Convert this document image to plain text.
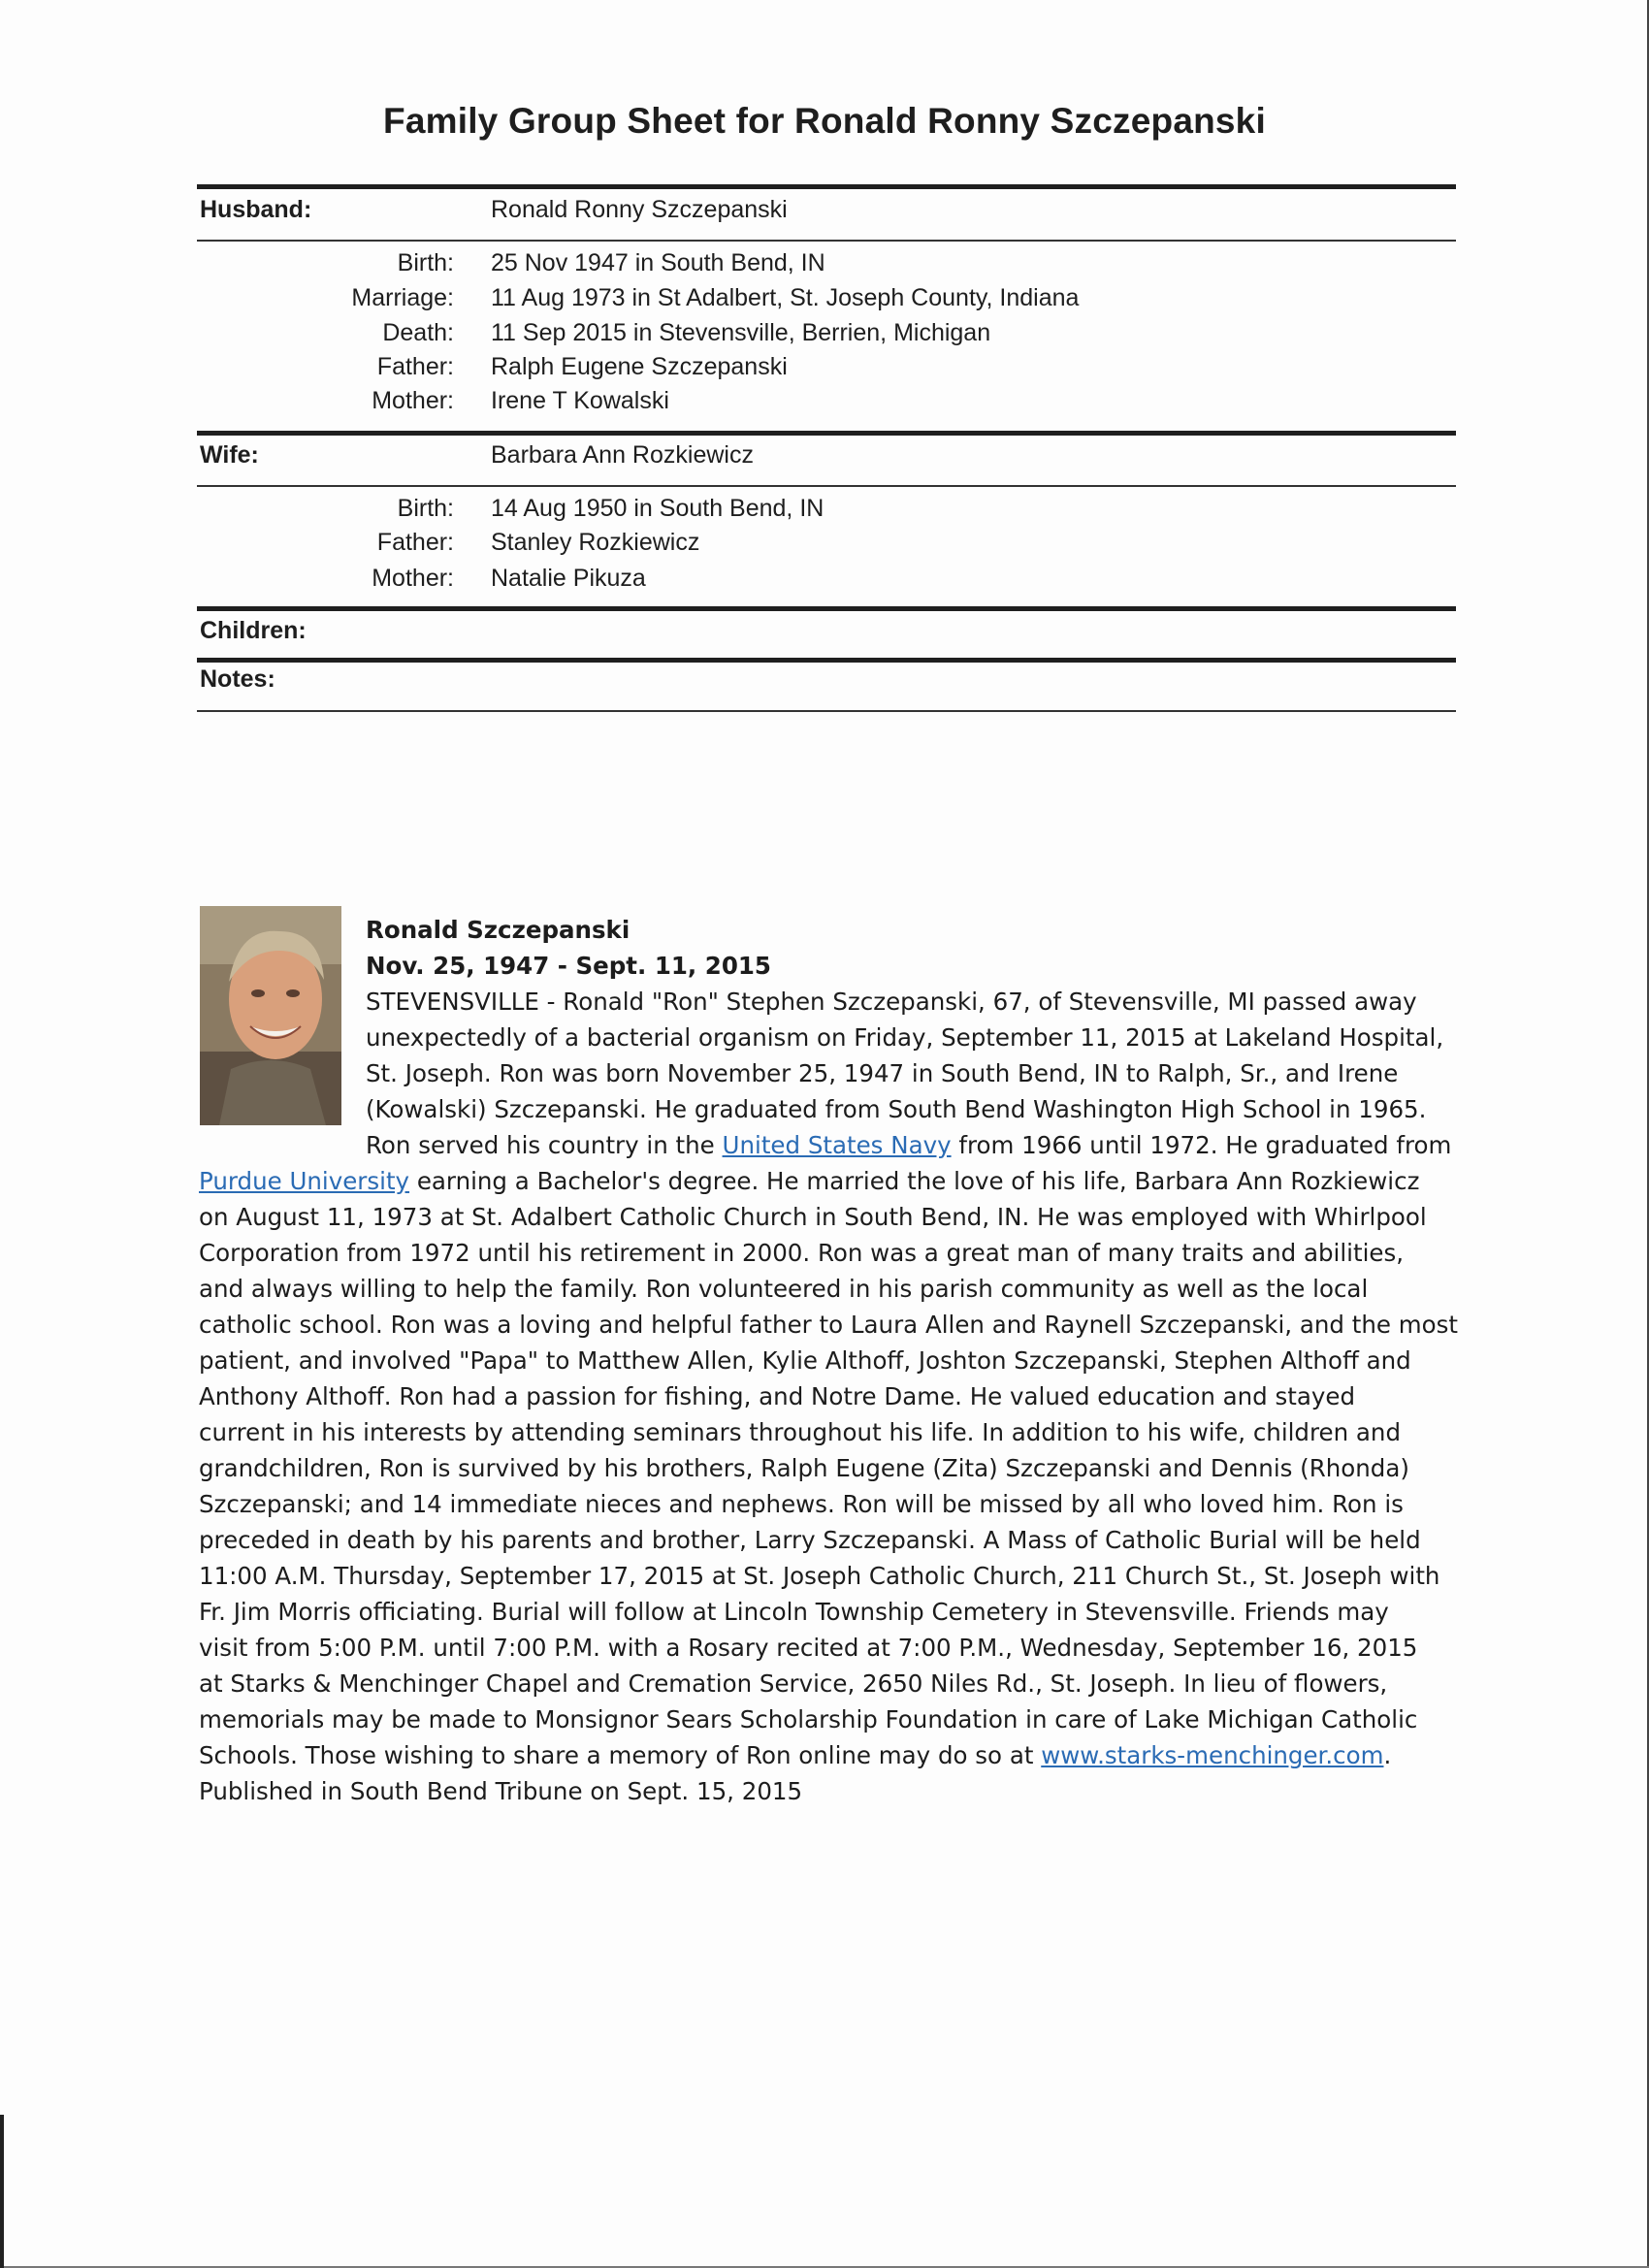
Family Group Sheet for Ronald Ronny Szczepanski
Husband:	Ronald Ronny Szczepanski
Birth: 25 Nov 1947 in South Bend, IN
Marriage: 11 Aug 1973 in St Adalbert, St. Joseph County, Indiana
Death: 11 Sep 2015 in Stevensville, Berrien, Michigan
Father: Ralph Eugene Szczepanski
Mother: Irene T Kowalski
Wife:	Barbara Ann Rozkiewicz
Birth: 14 Aug 1950 in South Bend, IN
Father: Stanley Rozkiewicz
Mother: Natalie Pikuza
Children:
Notes:
Ronald Szczepanski
Nov. 25, 1947 - Sept. 11, 2015
STEVENSVILLE - Ronald "Ron" Stephen Szczepanski, 67, of Stevensville, MI passed away
unexpectedly of a bacterial organism on Friday, September 11, 2015 at Lakeland Hospital,
St. Joseph. Ron was born November 25, 1947 in South Bend, IN to Ralph, Sr., and Irene
(Kowalski) Szczepanski. He graduated from South Bend Washington High School in 1965.
Ron served his country in the United States Navy from 1966 until 1972. He graduated from
Purdue University earning a Bachelor's degree. He married the love of his life, Barbara Ann Rozkiewicz
on August 11, 1973 at St. Adalbert Catholic Church in South Bend, IN. He was employed with Whirlpool
Corporation from 1972 until his retirement in 2000. Ron was a great man of many traits and abilities,
and always willing to help the family. Ron volunteered in his parish community as well as the local
catholic school. Ron was a loving and helpful father to Laura Allen and Raynell Szczepanski, and the most
patient, and involved "Papa" to Matthew Allen, Kylie Althoff, Joshton Szczepanski, Stephen Althoff and
Anthony Althoff. Ron had a passion for fishing, and Notre Dame. He valued education and stayed
current in his interests by attending seminars throughout his life. In addition to his wife, children and
grandchildren, Ron is survived by his brothers, Ralph Eugene (Zita) Szczepanski and Dennis (Rhonda)
Szczepanski; and 14 immediate nieces and nephews. Ron will be missed by all who loved him. Ron is
preceded in death by his parents and brother, Larry Szczepanski. A Mass of Catholic Burial will be held
11:00 A.M. Thursday, September 17, 2015 at St. Joseph Catholic Church, 211 Church St., St. Joseph with
Fr. Jim Morris officiating. Burial will follow at Lincoln Township Cemetery in Stevensville. Friends may
visit from 5:00 P.M. until 7:00 P.M. with a Rosary recited at 7:00 P.M., Wednesday, September 16, 2015
at Starks & Menchinger Chapel and Cremation Service, 2650 Niles Rd., St. Joseph. In lieu of flowers,
memorials may be made to Monsignor Sears Scholarship Foundation in care of Lake Michigan Catholic
Schools. Those wishing to share a memory of Ron online may do so at www.starks-menchinger.com.
Published in South Bend Tribune on Sept. 15, 2015
